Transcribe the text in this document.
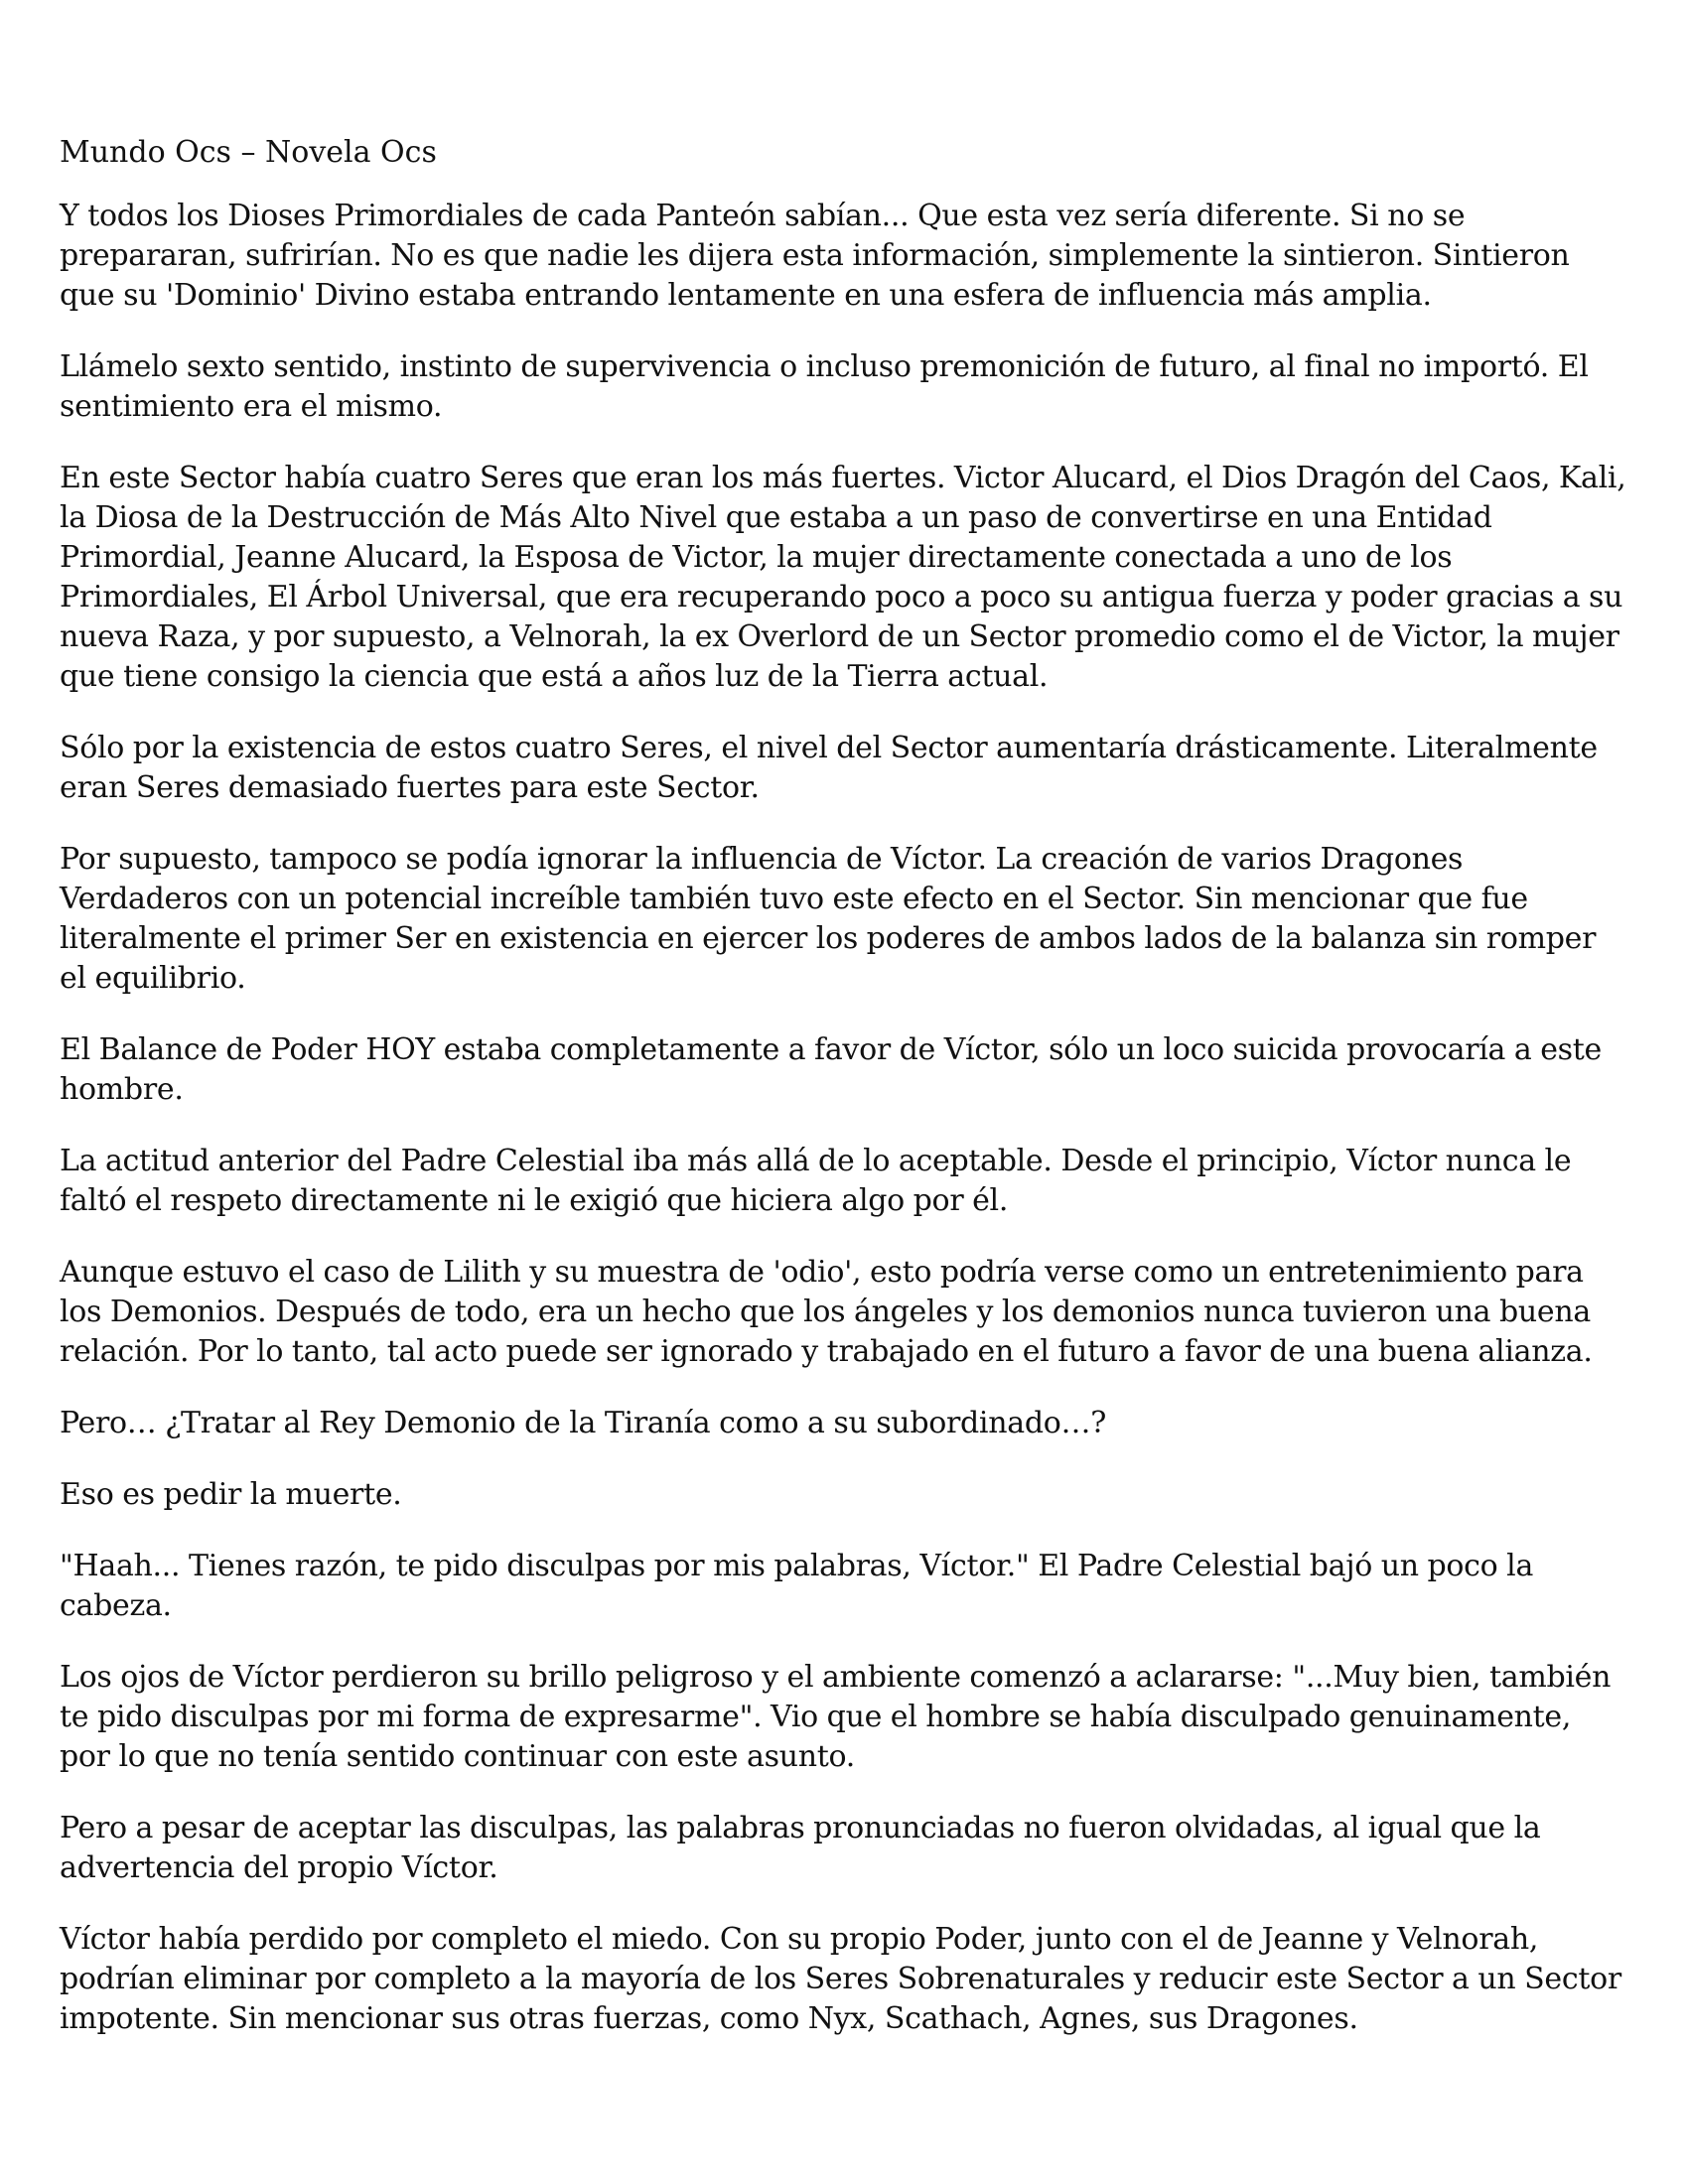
Mundo Ocs – Novela Ocs

Y todos los Dioses Primordiales de cada Panteón sabían... Que esta vez sería diferente. Si no se prepararan, sufrirían. No es que nadie les dijera esta información, simplemente la sintieron. Sintieron que su 'Dominio' Divino estaba entrando lentamente en una esfera de influencia más amplia.

Llámelo sexto sentido, instinto de supervivencia o incluso premonición de futuro, al final no importó. El sentimiento era el mismo.

En este Sector había cuatro Seres que eran los más fuertes. Victor Alucard, el Dios Dragón del Caos, Kali, la Diosa de la Destrucción de Más Alto Nivel que estaba a un paso de convertirse en una Entidad Primordial, Jeanne Alucard, la Esposa de Victor, la mujer directamente conectada a uno de los Primordiales, El Árbol Universal, que era recuperando poco a poco su antigua fuerza y poder gracias a su nueva Raza, y por supuesto, a Velnorah, la ex Overlord de un Sector promedio como el de Victor, la mujer que tiene consigo la ciencia que está a años luz de la Tierra actual.

Sólo por la existencia de estos cuatro Seres, el nivel del Sector aumentaría drásticamente. Literalmente eran Seres demasiado fuertes para este Sector.

Por supuesto, tampoco se podía ignorar la influencia de Víctor. La creación de varios Dragones Verdaderos con un potencial increíble también tuvo este efecto en el Sector. Sin mencionar que fue literalmente el primer Ser en existencia en ejercer los poderes de ambos lados de la balanza sin romper el equilibrio.

El Balance de Poder HOY estaba completamente a favor de Víctor, sólo un loco suicida provocaría a este hombre.

La actitud anterior del Padre Celestial iba más allá de lo aceptable. Desde el principio, Víctor nunca le faltó el respeto directamente ni le exigió que hiciera algo por él.

Aunque estuvo el caso de Lilith y su muestra de 'odio', esto podría verse como un entretenimiento para los Demonios. Después de todo, era un hecho que los ángeles y los demonios nunca tuvieron una buena relación. Por lo tanto, tal acto puede ser ignorado y trabajado en el futuro a favor de una buena alianza.

Pero… ¿Tratar al Rey Demonio de la Tiranía como a su subordinado…?

Eso es pedir la muerte.

"Haah... Tienes razón, te pido disculpas por mis palabras, Víctor." El Padre Celestial bajó un poco la cabeza.

Los ojos de Víctor perdieron su brillo peligroso y el ambiente comenzó a aclararse: "...Muy bien, también te pido disculpas por mi forma de expresarme". Vio que el hombre se había disculpado genuinamente, por lo que no tenía sentido continuar con este asunto.

Pero a pesar de aceptar las disculpas, las palabras pronunciadas no fueron olvidadas, al igual que la advertencia del propio Víctor.

Víctor había perdido por completo el miedo. Con su propio Poder, junto con el de Jeanne y Velnorah, podrían eliminar por completo a la mayoría de los Seres Sobrenaturales y reducir este Sector a un Sector impotente. Sin mencionar sus otras fuerzas, como Nyx, Scathach, Agnes, sus Dragones.
